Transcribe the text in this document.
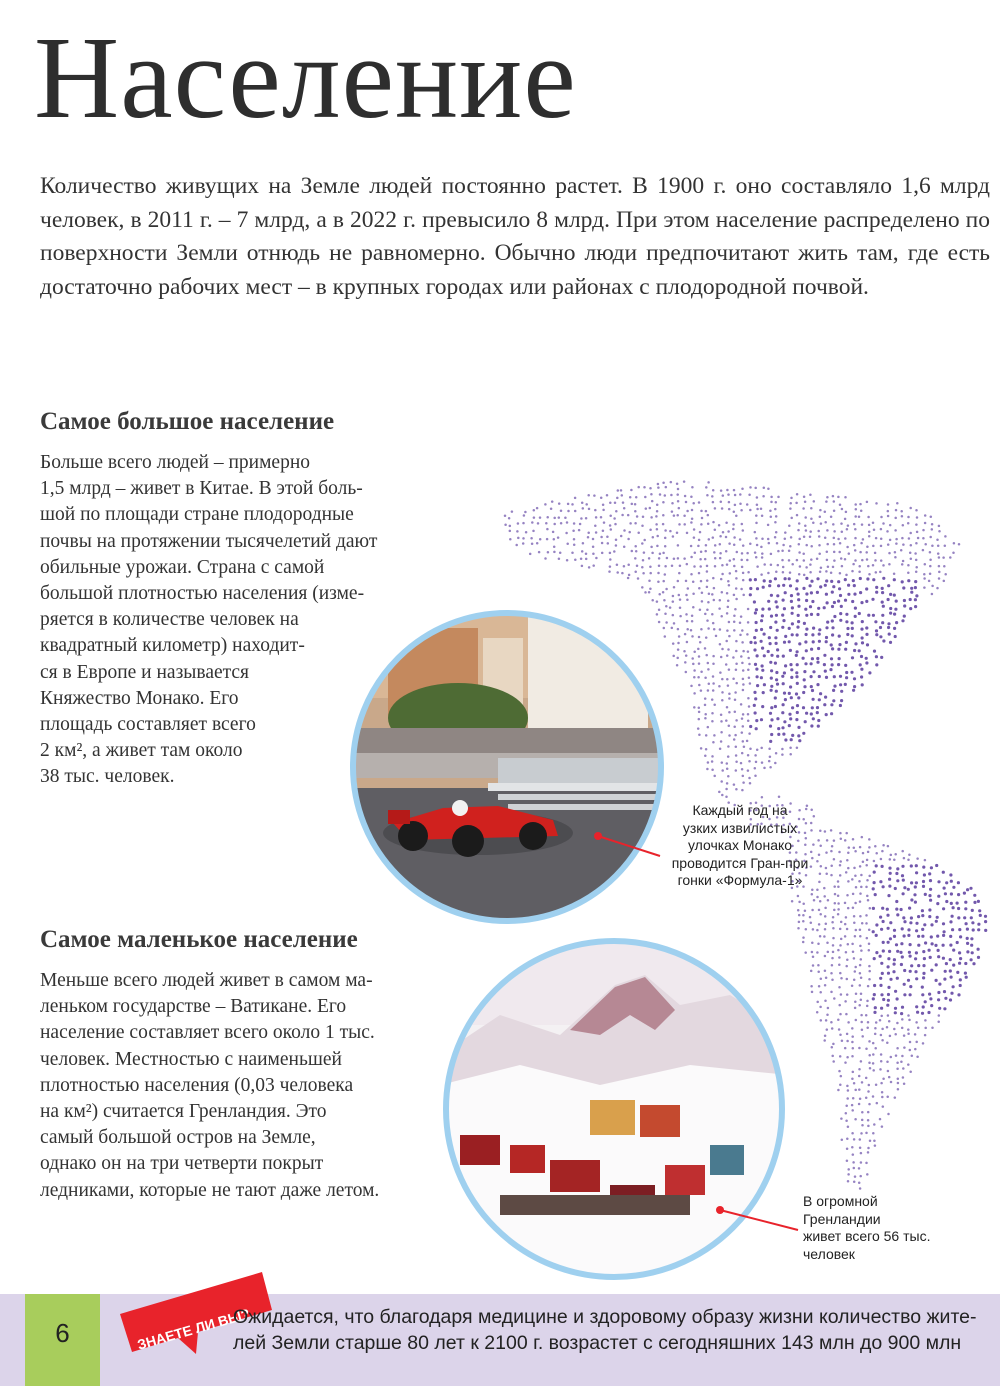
Население

Количество живущих на Земле людей постоянно растет. В 1900 г. оно составляло 1,6 млрд человек, в 2011 г. – 7 млрд, а в 2022 г. превысило 8 млрд. При этом население распределено по поверхности Земли отнюдь не равномерно. Обычно люди предпочитают жить там, где есть достаточно рабочих мест – в крупных городах или районах с плодородной почвой.

Самое большое население
Больше всего людей – примерно
1,5 млрд – живет в Китае. В этой боль-
шой по площади стране плодородные
почвы на протяжении тысячелетий дают
обильные урожаи. Страна с самой
большой плотностью населения (изме-
ряется в количестве человек на
квадратный километр) находит-
ся в Европе и называется
Княжество Монако. Его
площадь составляет всего
2 км², а живет там около
38 тыс. человек.
Каждый год на
узких извилистых
улочках Монако
проводится Гран-при
гонки «Формула-1»
Самое маленькое население
Меньше всего людей живет в самом ма-
леньком государстве – Ватикане. Его
население составляет всего около 1 тыс.
человек. Местностью с наименьшей
плотностью населения (0,03 человека
на км²) считается Гренландия. Это
самый большой остров на Земле,
однако он на три четверти покрыт
ледниками, которые не тают даже летом.
В огромной
Гренландии
живет всего 56 тыс.
человек
6	ЗНАЕТЕ ЛИ ВЫ?
Ожидается, что благодаря медицине и здоровому образу жизни количество жите-
лей Земли старше 80 лет к 2100 г. возрастет с сегодняшних 143 млн до 900 млн
